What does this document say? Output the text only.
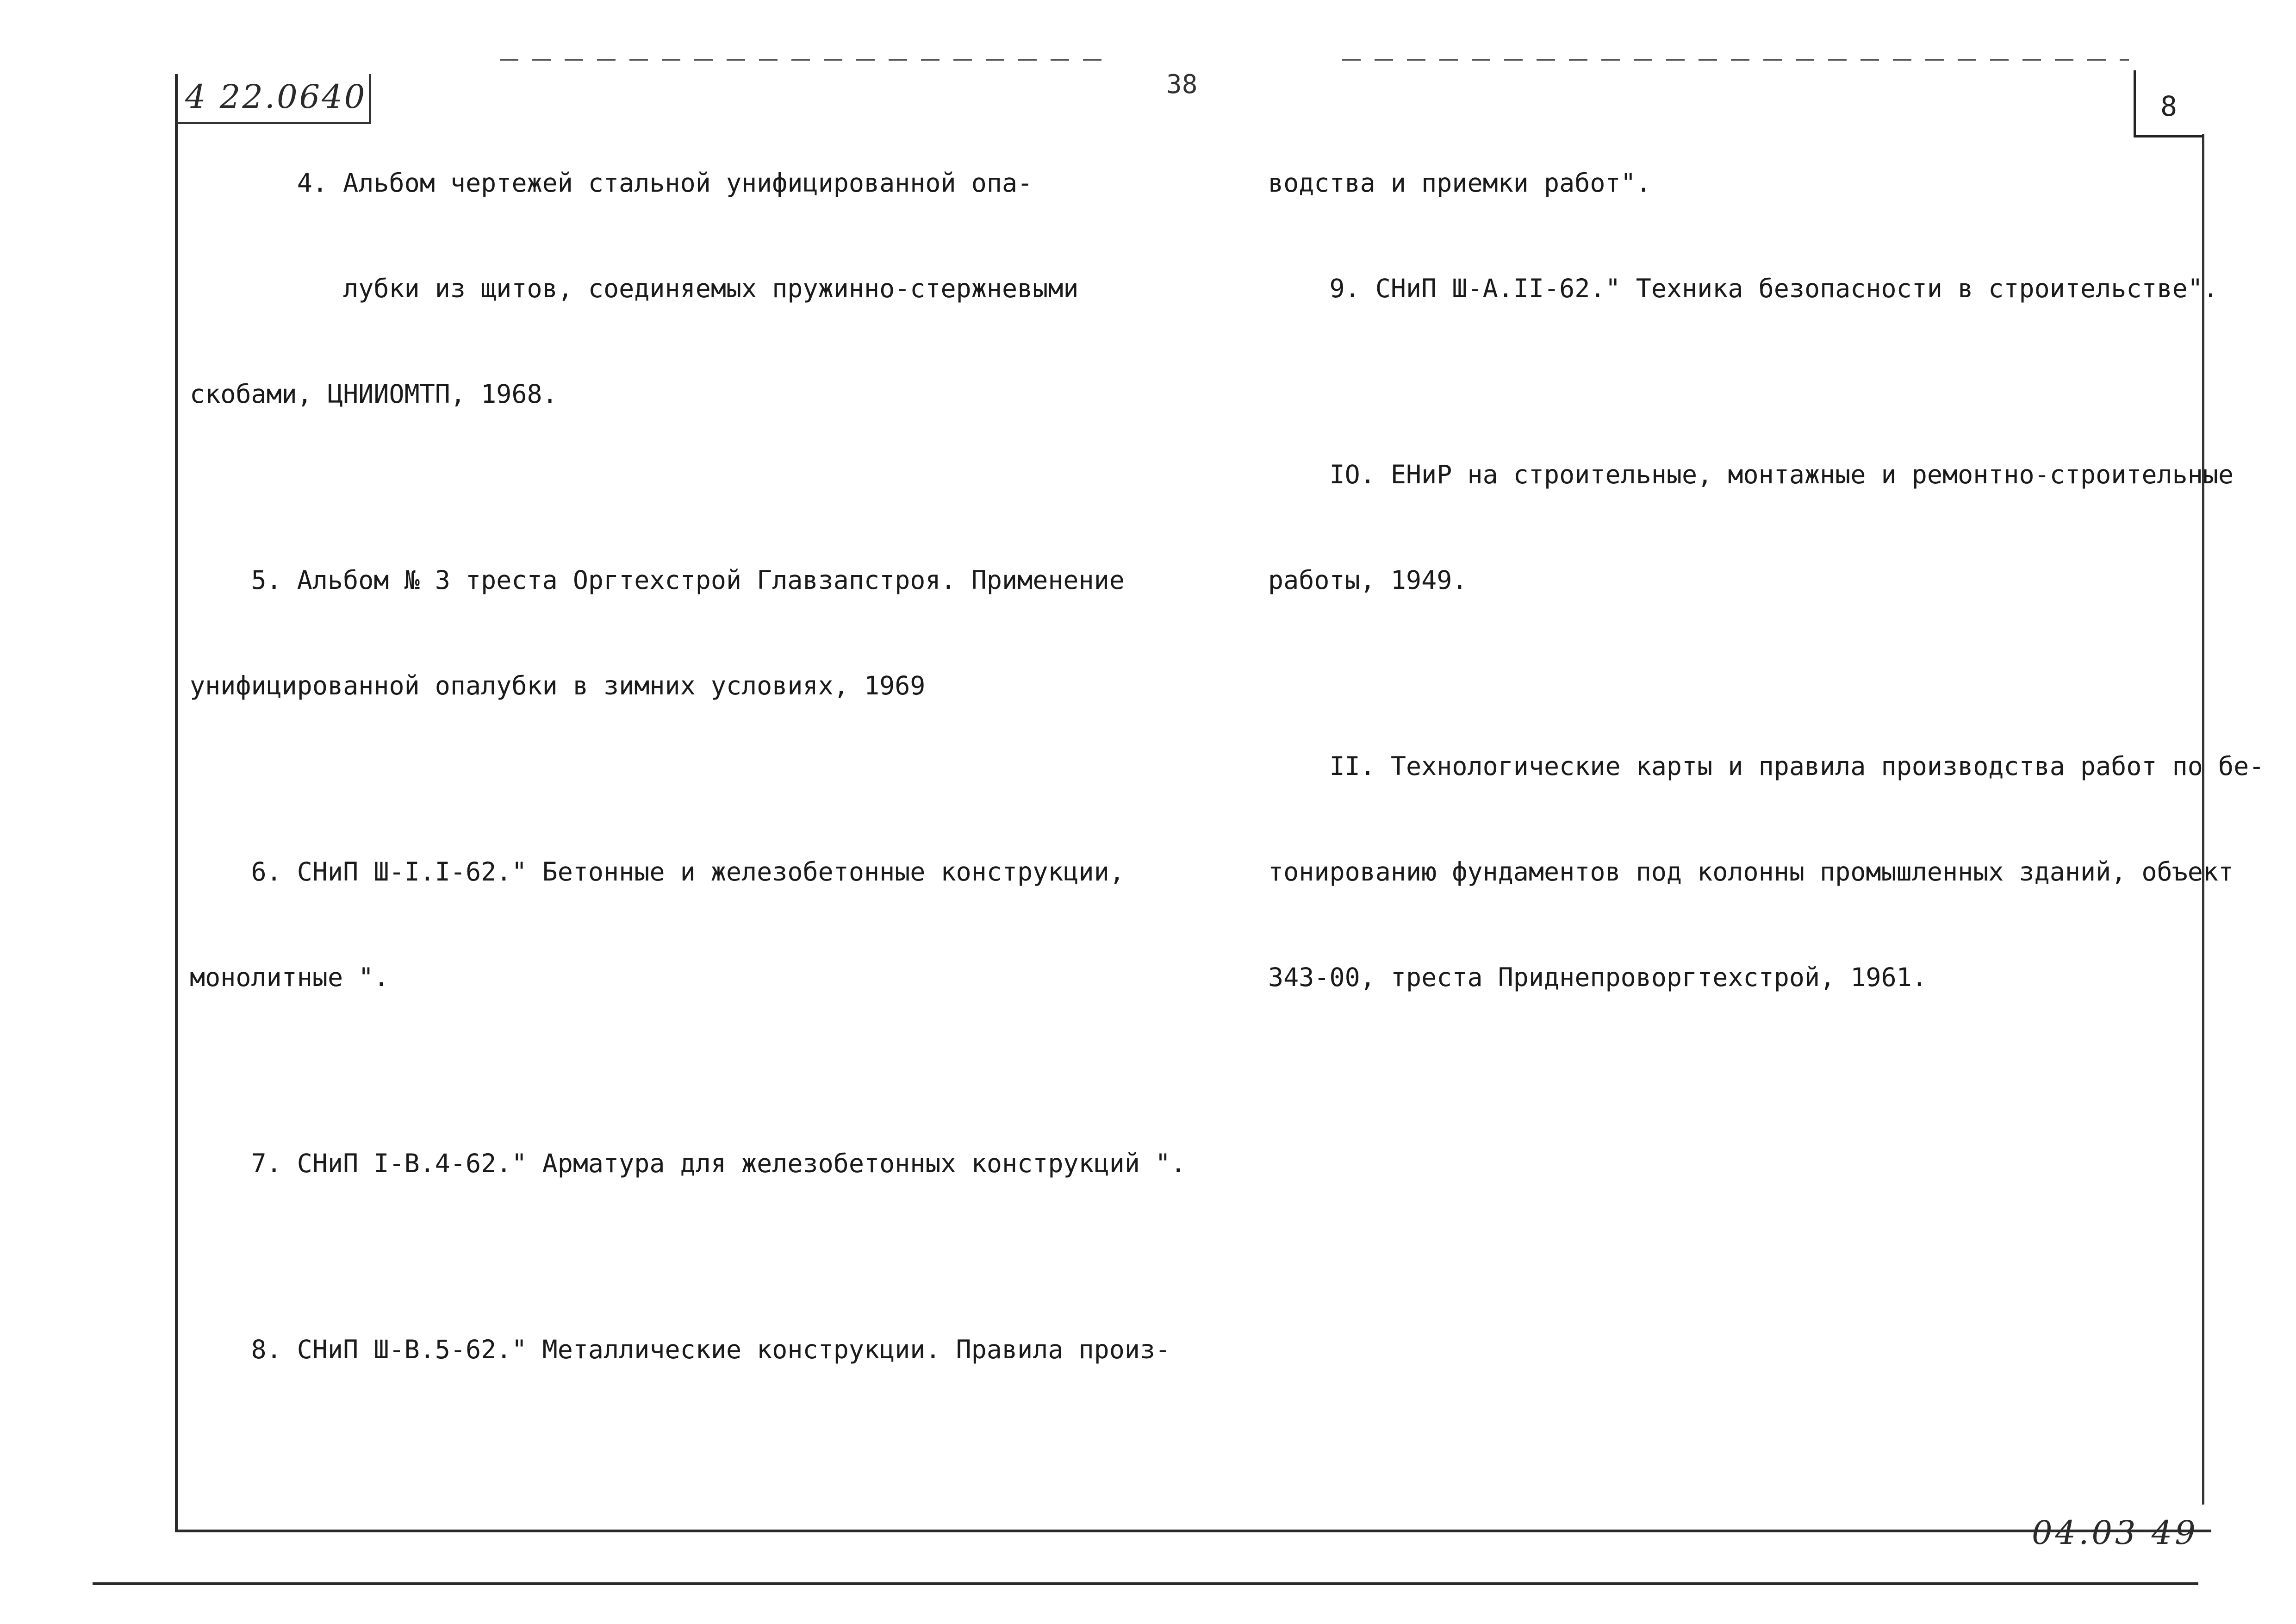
4 22.0640	38
8

4. Альбом чертежей стальной унифицированной опа-

лубки из щитов, соединяемых пружинно-стержневыми

скобами, ЦНИИОМТП, 1968.

5. Альбом № 3 треста Оргтехстрой Главзапстроя. Применение

унифицированной опалубки в зимних условиях, 1969

6. СНиП Ш-I.I-62." Бетонные и железобетонные конструкции,

монолитные ".

7. СНиП I-В.4-62." Арматура для железобетонных конструкций ".

8. СНиП Ш-В.5-62." Металлические конструкции. Правила произ-

водства и приемки работ".

9. СНиП Ш-А.II-62." Техника безопасности в строительстве".

IO. ЕНиР на строительные, монтажные и ремонтно-строительные

работы, 1949.

II. Технологические карты и правила производства работ по бе-

тонированию фундаментов под колонны промышленных зданий, объект

343-00, треста Приднепроворгтехстрой, 1961.

04.03 49
